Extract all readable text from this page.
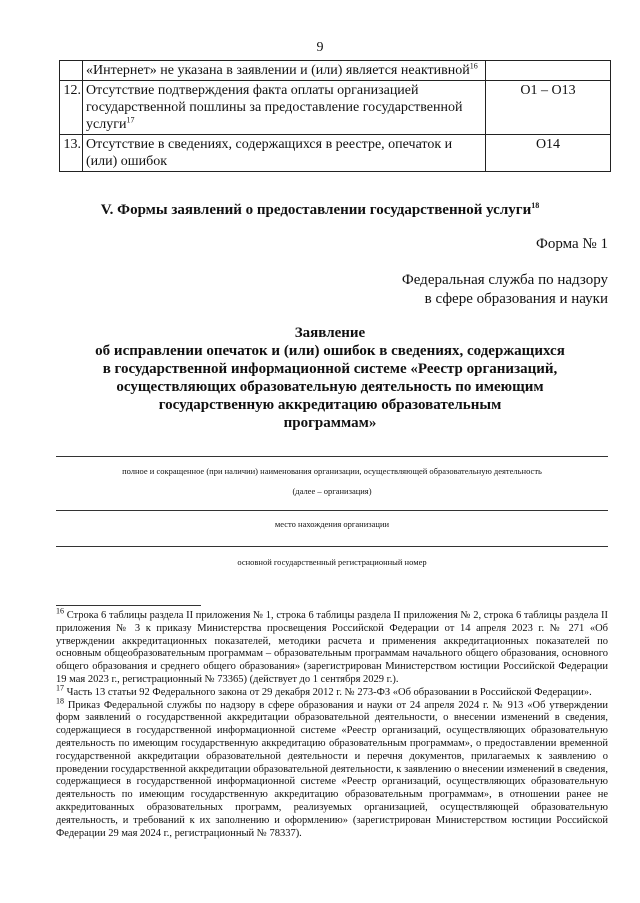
9
	«Интернет» не указана в заявлении и (или) является неактивной$^{16}$	
12.	Отсутствие подтверждения факта оплаты организацией государственной пошлины за предоставление государственной услуги$^{17}$	O1 – O13
13.	Отсутствие в сведениях, содержащихся в реестре, опечаток и (или) ошибок	O14
V. Формы заявлений о предоставлении государственной услуги$^{18}$
Форма № 1
Федеральная служба по надзору
в сфере образования и науки
Заявление
об исправлении опечаток и (или) ошибок в сведениях, содержащихся
в государственной информационной системе «Реестр организаций,
осуществляющих образовательную деятельность по имеющим
государственную аккредитацию образовательным
программам»
полное и сокращенное (при наличии) наименования организации, осуществляющей образовательную деятельность
(далее – организация)
место нахождения организации
основной государственный регистрационный номер

$^{16}$ Строка 6 таблицы раздела II приложения № 1, строка 6 таблицы раздела II приложения № 2, строка 6 таблицы раздела II приложения № 3 к приказу Министерства просвещения Российской Федерации от 14 апреля 2023 г. № 271 «Об утверждении аккредитационных показателей, методики расчета и применения аккредитационных показателей по основным общеобразовательным программам – образовательным программам начального общего образования, основного общего образования и среднего общего образования» (зарегистрирован Министерством юстиции Российской Федерации 19 мая 2023 г., регистрационный № 73365) (действует до 1 сентября 2029 г.).

$^{17}$ Часть 13 статьи 92 Федерального закона от 29 декабря 2012 г. № 273-ФЗ «Об образовании в Российской Федерации».

$^{18}$ Приказ Федеральной службы по надзору в сфере образования и науки от 24 апреля 2024 г. № 913 «Об утверждении форм заявлений о государственной аккредитации образовательной деятельности, о внесении изменений в сведения, содержащиеся в государственной информационной системе «Реестр организаций, осуществляющих образовательную деятельность по имеющим государственную аккредитацию образовательным программам», о предоставлении временной государственной аккредитации образовательной деятельности и перечня документов, прилагаемых к заявлению о проведении государственной аккредитации образовательной деятельности, к заявлению о внесении изменений в сведения, содержащиеся в государственной информационной системе «Реестр организаций, осуществляющих образовательную деятельность по имеющим государственную аккредитацию образовательным программам», в отношении ранее не аккредитованных образовательных программ, реализуемых организацией, осуществляющей образовательную деятельность, и требований к их заполнению и оформлению» (зарегистрирован Министерством юстиции Российской Федерации 29 мая 2024 г., регистрационный № 78337).
